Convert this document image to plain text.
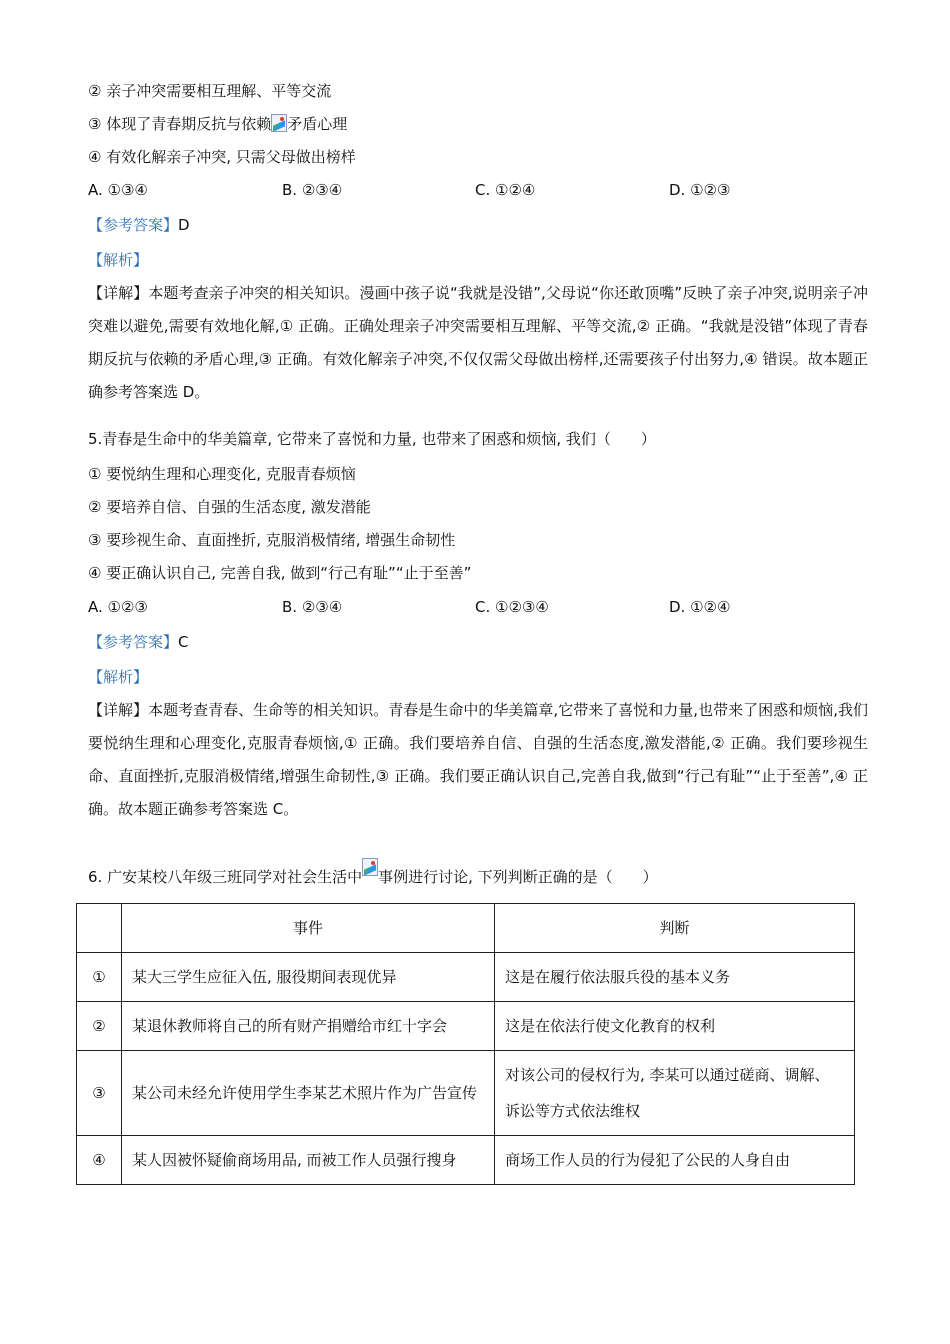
② 亲子冲突需要相互理解、平等交流
③ 体现了青春期反抗与依赖 矛盾心理
④ 有效化解亲子冲突, 只需父母做出榜样
A. ①③④	B. ②③④	C. ①②④	D. ①②③
【参考答案】D
【解析】
【详解】本题考查亲子冲突的相关知识。漫画中孩子说“我就是没错”,父母说“你还敢顶嘴”反映了亲子冲突,说明亲子冲突难以避免,需要有效地化解,① 正确。正确处理亲子冲突需要相互理解、平等交流,② 正确。“我就是没错”体现了青春期反抗与依赖的矛盾心理,③ 正确。有效化解亲子冲突,不仅仅需父母做出榜样,还需要孩子付出努力,④ 错误。故本题正确参考答案选 D。
5.青春是生命中的华美篇章, 它带来了喜悦和力量, 也带来了困惑和烦恼, 我们（　　）
① 要悦纳生理和心理变化, 克服青春烦恼
② 要培养自信、自强的生活态度, 激发潜能
③ 要珍视生命、直面挫折, 克服消极情绪, 增强生命韧性
④ 要正确认识自己, 完善自我, 做到“行己有耻”“止于至善”
A. ①②③	B. ②③④	C. ①②③④	D. ①②④
【参考答案】C
【解析】
【详解】本题考查青春、生命等的相关知识。青春是生命中的华美篇章,它带来了喜悦和力量,也带来了困惑和烦恼,我们要悦纳生理和心理变化,克服青春烦恼,① 正确。我们要培养自信、自强的生活态度,激发潜能,② 正确。我们要珍视生命、直面挫折,克服消极情绪,增强生命韧性,③ 正确。我们要正确认识自己,完善自我,做到“行己有耻”“止于至善”,④ 正确。故本题正确参考答案选 C。
6. 广安某校八年级三班同学对社会生活中 事例进行讨论, 下列判断正确的是（　　）
	事件	判断
①	某大三学生应征入伍, 服役期间表现优异	这是在履行依法服兵役的基本义务
②	某退休教师将自己的所有财产捐赠给市红十字会	这是在依法行使文化教育的权利
③	某公司未经允许使用学生李某艺术照片作为广告宣传	对该公司的侵权行为, 李某可以通过磋商、调解、诉讼等方式依法维权
④	某人因被怀疑偷商场用品, 而被工作人员强行搜身	商场工作人员的行为侵犯了公民的人身自由
